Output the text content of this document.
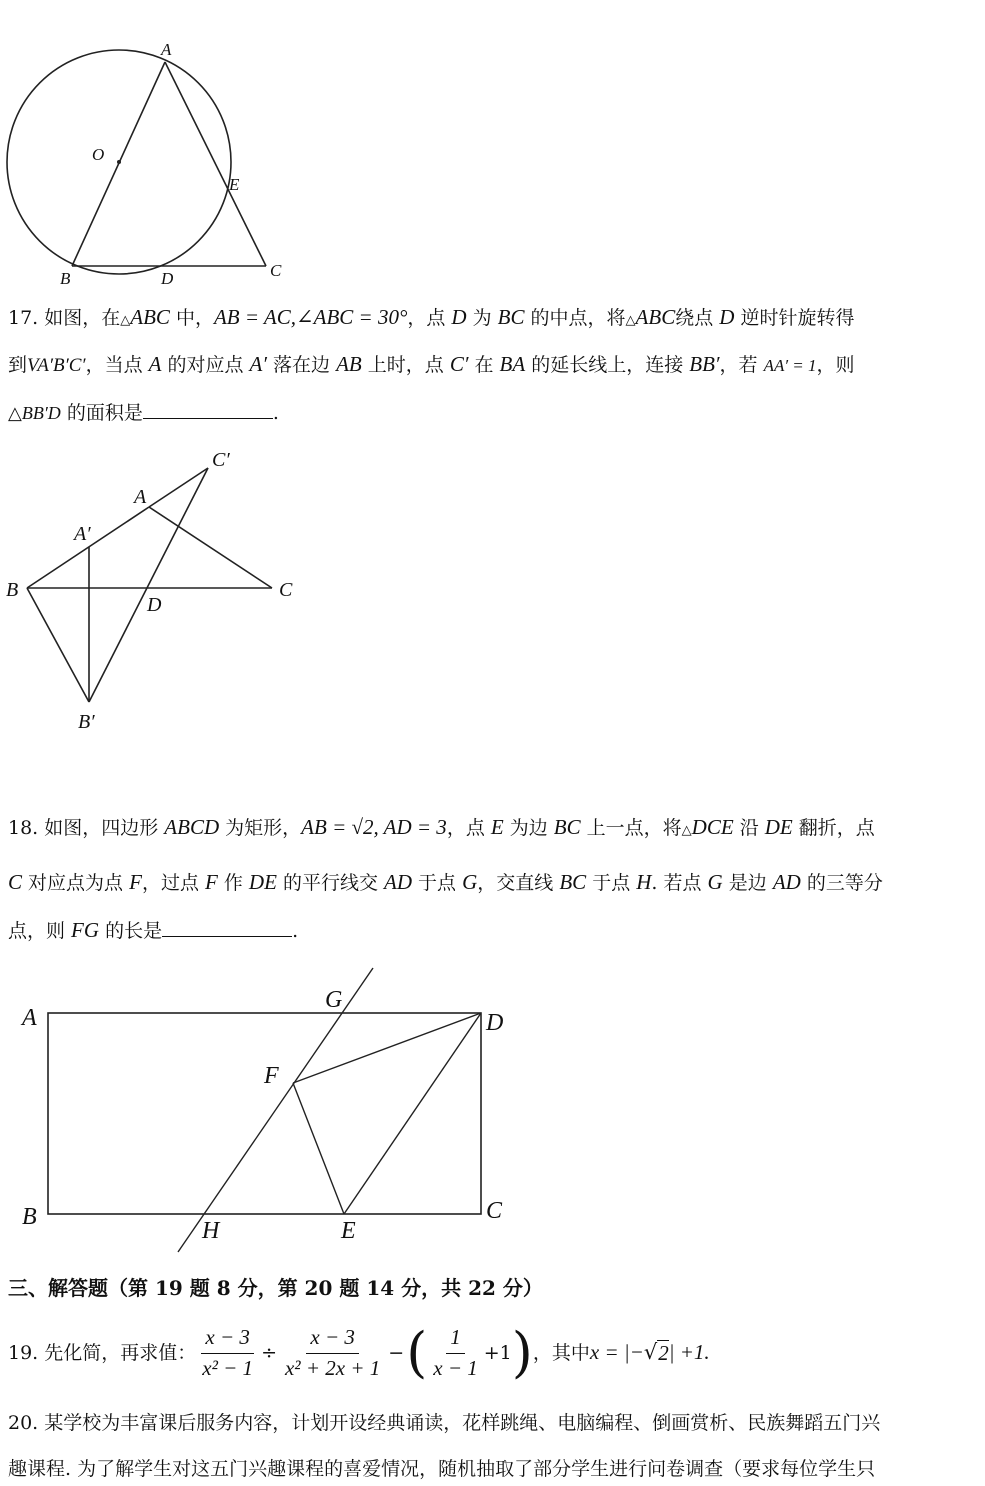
A
O
E
B	D	C
17. 如图，在△ABC 中，AB = AC,∠ABC = 30°，点 D 为 BC 的中点，将△ABC绕点 D 逆时针旋转得
到VA′B′C′，当点 A 的对应点 A′ 落在边 AB 上时，点 C′ 在 BA 的延长线上，连接 BB′，若 AA′ = 1，则
△BB′D 的面积是	.
C′
A
A′
B
D
C
B′
18. 如图，四边形 ABCD 为矩形，AB = √2, AD = 3，点 E 为边 BC 上一点，将△DCE 沿 DE 翻折，点
C 对应点为点 F，过点 F 作 DE 的平行线交 AD 于点 G，交直线 BC 于点 H. 若点 G 是边 AD 的三等分
点，则 FG 的长是	.
A
G
D
F
B
H	E
C
三、解答题（第 19 题 8 分，第 20 题 14 分，共 22 分）
19. 先化简，再求值： $\frac{x - 3}{\text{x² − 1}} \div \frac{x - 3}{\text{x² + 2x + 1}}$ − ( $\frac{1}{x - 1} +1$ ) ，其中 x = |− √ 2 | +1.
20. 某学校为丰富课后服务内容，计划开设经典诵读，花样跳绳、电脑编程、倒画赏析、民族舞蹈五门兴
趣课程. 为了解学生对这五门兴趣课程的喜爱情况，随机抽取了部分学生进行问卷调查（要求每位学生只
